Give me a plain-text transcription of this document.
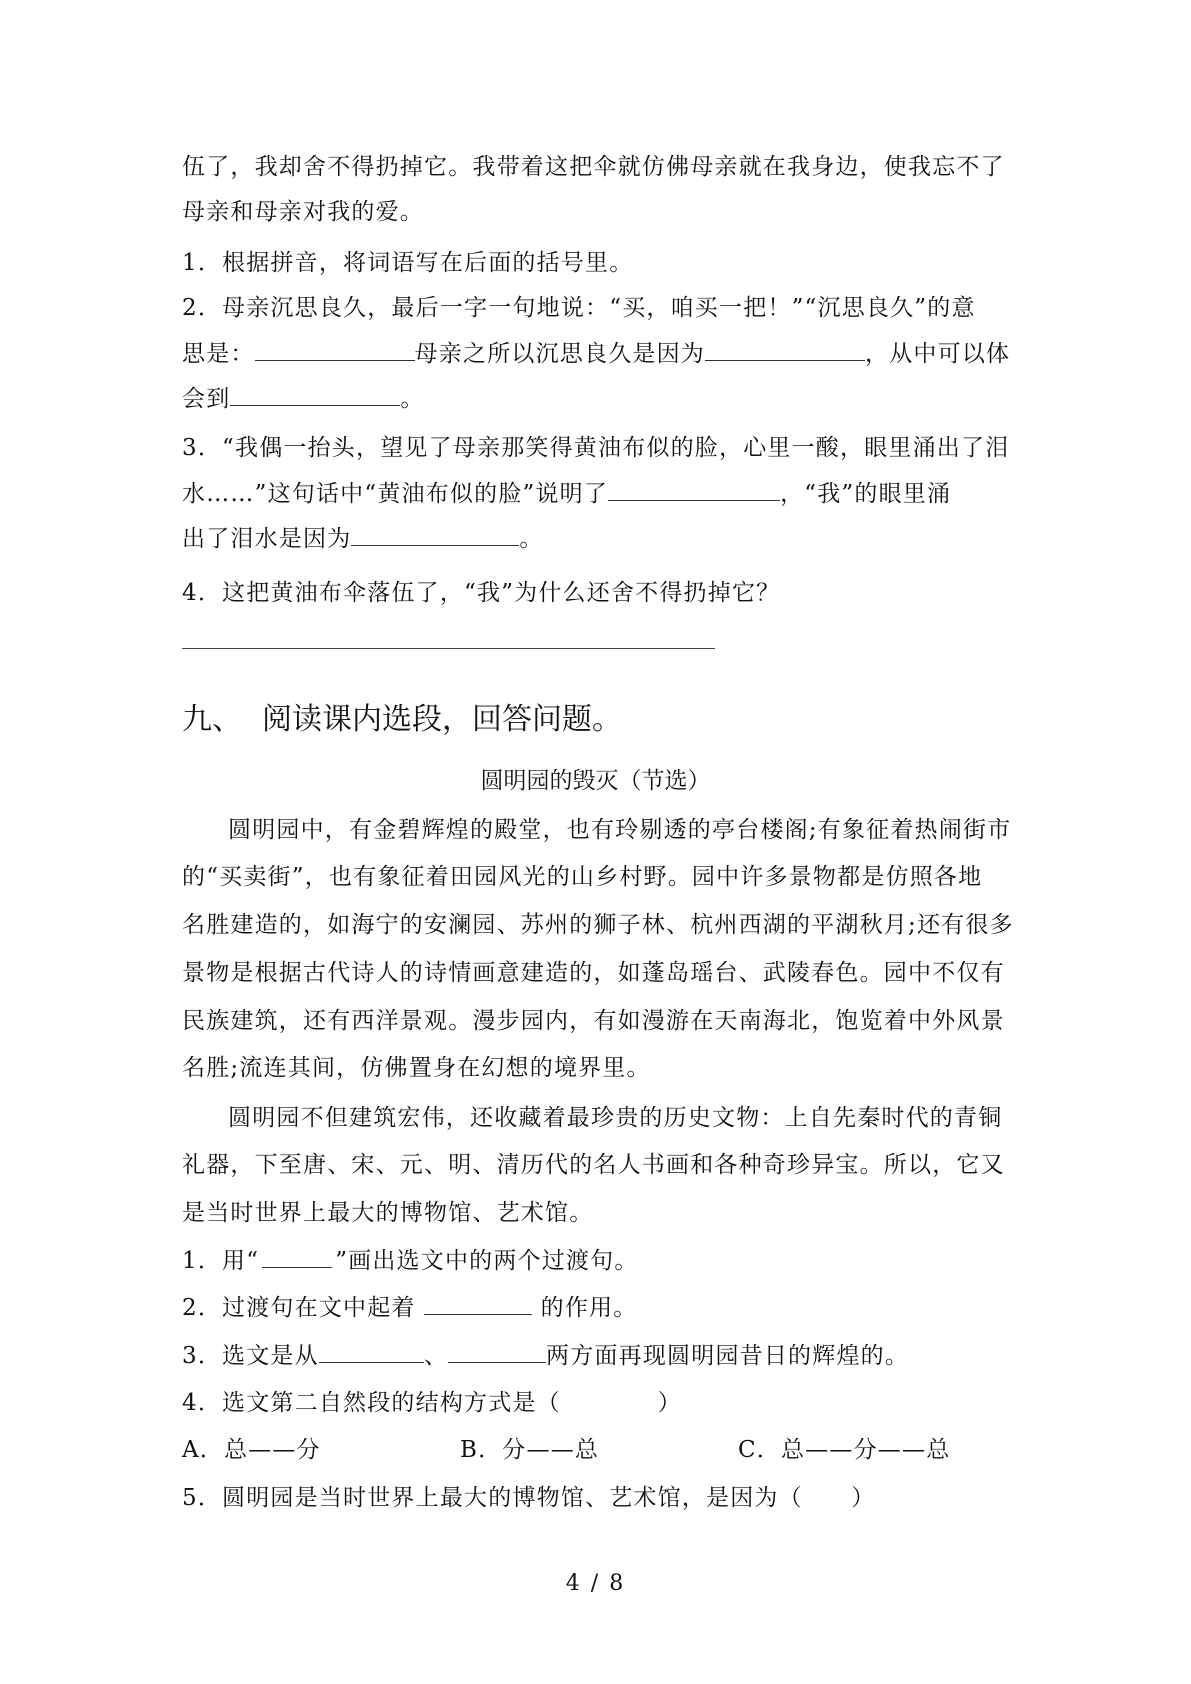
伍了，我却舍不得扔掉它。我带着这把伞就仿佛母亲就在我身边，使我忘不了
母亲和母亲对我的爱。
1．根据拼音，将词语写在后面的括号里。
2．母亲沉思良久，最后一字一句地说：“买，咱买一把！”“沉思良久”的意
思是：	母亲之所以沉思良久是因为	，从中可以体
会到	。
3．“我偶一抬头，望见了母亲那笑得黄油布似的脸，心里一酸，眼里涌出了泪
水……”这句话中“黄油布似的脸”说明了	，“我”的眼里涌
出了泪水是因为	。
4．这把黄油布伞落伍了，“我”为什么还舍不得扔掉它？
九、 阅读课内选段，回答问题。
圆明园的毁灭（节选）
圆明园中，有金碧辉煌的殿堂，也有玲剔透的亭台楼阁;有象征着热闹街市
的“买卖街”，也有象征着田园风光的山乡村野。园中许多景物都是仿照各地
名胜建造的，如海宁的安澜园、苏州的狮子林、杭州西湖的平湖秋月;还有很多
景物是根据古代诗人的诗情画意建造的，如蓬岛瑶台、武陵春色。园中不仅有
民族建筑，还有西洋景观。漫步园内，有如漫游在天南海北，饱览着中外风景
名胜;流连其间，仿佛置身在幻想的境界里。
圆明园不但建筑宏伟，还收藏着最珍贵的历史文物：上自先秦时代的青铜
礼器，下至唐、宋、元、明、清历代的名人书画和各种奇珍异宝。所以，它又
是当时世界上最大的博物馆、艺术馆。
1．用“	”画出选文中的两个过渡句。
2．过渡句在文中起着	的作用。
3．选文是从	、	两方面再现圆明园昔日的辉煌的。
4．选文第二自然段的结构方式是（　　　　）
A．总——分	B．分——总	C．总——分——总
5．圆明园是当时世界上最大的博物馆、艺术馆，是因为（　　）
4 / 8
